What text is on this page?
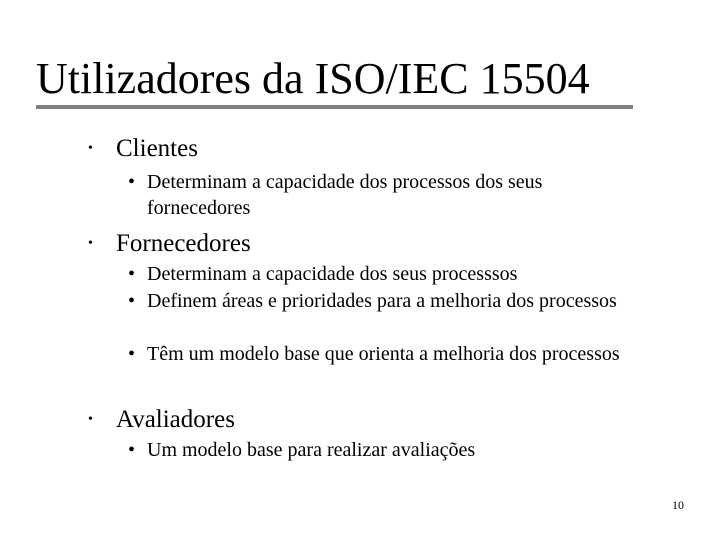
Utilizadores da ISO/IEC 15504
• Clientes
• Determinam a capacidade dos processos dos seus fornecedores
• Fornecedores
• Determinam a capacidade dos seus processsos
• Definem áreas e prioridades para a melhoria dos processos
• Têm um modelo base que orienta a melhoria dos processos
• Avaliadores
• Um modelo base para realizar avaliações
10
